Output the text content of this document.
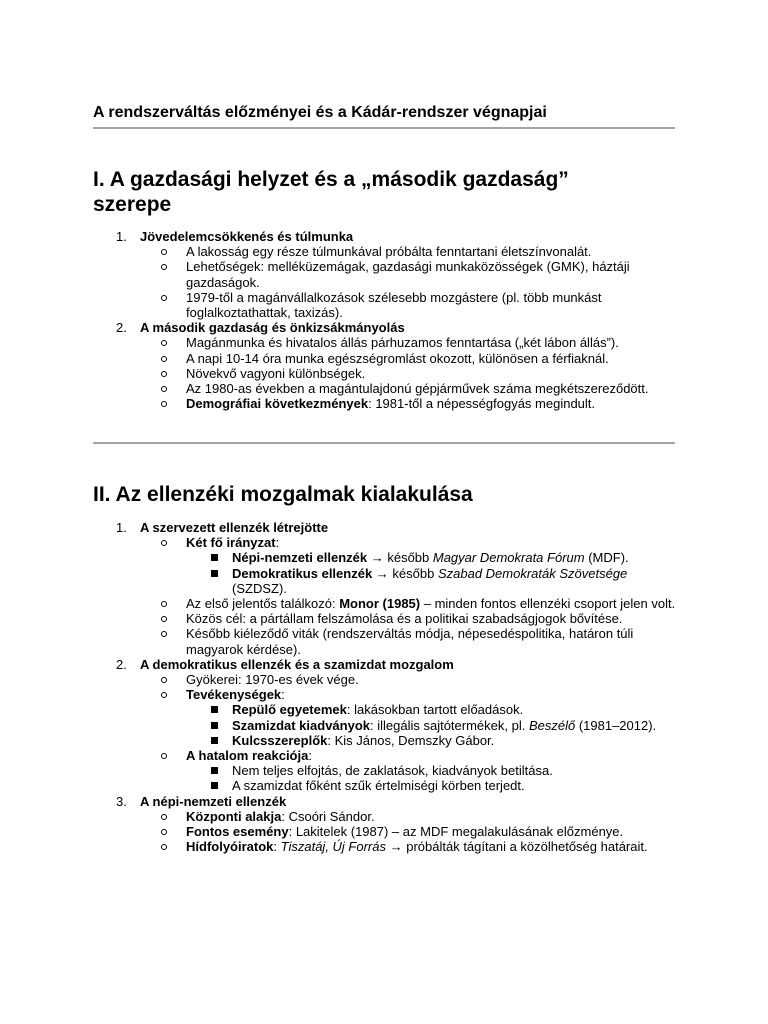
A rendszerváltás előzményei és a Kádár-rendszer végnapjai
I. A gazdasági helyzet és a „második gazdaság”
szerepe
1. Jövedelemcsökkenés és túlmunka
A lakosság egy része túlmunkával próbálta fenntartani életszínvonalát.
Lehetőségek: melléküzemágak, gazdasági munkaközösségek (GMK), háztáji gazdaságok.
1979-től a magánvállalkozások szélesebb mozgástere (pl. több munkást foglalkoztathattak, taxizás).
2. A második gazdaság és önkizsákmányolás
Magánmunka és hivatalos állás párhuzamos fenntartása („két lábon állás”).
A napi 10-14 óra munka egészségromlást okozott, különösen a férfiaknál.
Növekvő vagyoni különbségek.
Az 1980-as években a magántulajdonú gépjárművek száma megkétszereződött.
Demográfiai következmények: 1981-től a népességfogyás megindult.
II. Az ellenzéki mozgalmak kialakulása
1. A szervezett ellenzék létrejötte
Két fő irányzat:
Népi-nemzeti ellenzék → később Magyar Demokrata Fórum (MDF).
Demokratikus ellenzék → később Szabad Demokraták Szövetsége (SZDSZ).
Az első jelentős találkozó: Monor (1985) – minden fontos ellenzéki csoport jelen volt.
Közös cél: a pártállam felszámolása és a politikai szabadságjogok bővítése.
Később kiéleződő viták (rendszerváltás módja, népesedéspolitika, határon túli magyarok kérdése).
2. A demokratikus ellenzék és a szamizdat mozgalom
Gyökerei: 1970-es évek vége.
Tevékenységek:
Repülő egyetemek: lakásokban tartott előadások.
Szamizdat kiadványok: illegális sajtótermékek, pl. Beszélő (1981–2012).
Kulcsszereplők: Kis János, Demszky Gábor.
A hatalom reakciója:
Nem teljes elfojtás, de zaklatások, kiadványok betiltása.
A szamizdat főként szűk értelmiségi körben terjedt.
3. A népi-nemzeti ellenzék
Központi alakja: Csoóri Sándor.
Fontos esemény: Lakitelek (1987) – az MDF megalakulásának előzménye.
Hídfolyóiratok: Tiszatáj, Új Forrás → próbálták tágítani a közölhetőség határait.
